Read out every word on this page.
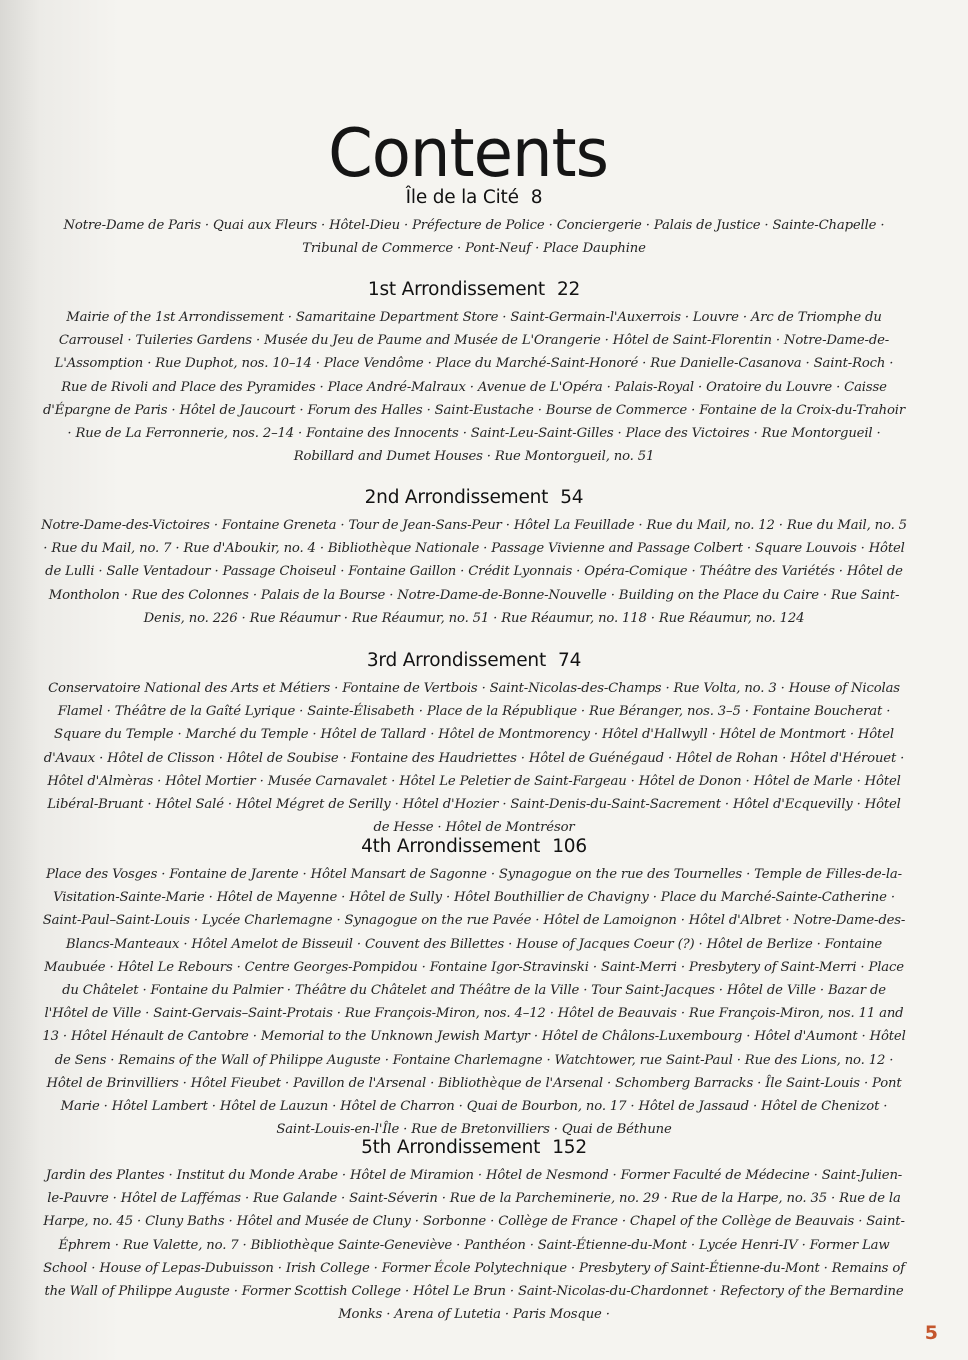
Contents
Île de la Cité 8

Notre-Dame de Paris · Quai aux Fleurs · Hôtel-Dieu · Préfecture de Police · Conciergerie · Palais de Justice · Sainte-Chapelle · Tribunal de Commerce · Pont-Neuf · Place Dauphine

1st Arrondissement 22

Mairie of the 1st Arrondissement · Samaritaine Department Store · Saint-Germain-l'Auxerrois · Louvre · Arc de Triomphe du Carrousel · Tuileries Gardens · Musée du Jeu de Paume and Musée de L'Orangerie · Hôtel de Saint-Florentin · Notre-Dame-de-L'Assomption · Rue Duphot, nos. 10–14 · Place Vendôme · Place du Marché-Saint-Honoré · Rue Danielle-Casanova · Saint-Roch · Rue de Rivoli and Place des Pyramides · Place André-Malraux · Avenue de L'Opéra · Palais-Royal · Oratoire du Louvre · Caisse d'Épargne de Paris · Hôtel de Jaucourt · Forum des Halles · Saint-Eustache · Bourse de Commerce · Fontaine de la Croix-du-Trahoir · Rue de La Ferronnerie, nos. 2–14 · Fontaine des Innocents · Saint-Leu-Saint-Gilles · Place des Victoires · Rue Montorgueil · Robillard and Dumet Houses · Rue Montorgueil, no. 51

2nd Arrondissement 54

Notre-Dame-des-Victoires · Fontaine Greneta · Tour de Jean-Sans-Peur · Hôtel La Feuillade · Rue du Mail, no. 12 · Rue du Mail, no. 5 · Rue du Mail, no. 7 · Rue d'Aboukir, no. 4 · Bibliothèque Nationale · Passage Vivienne and Passage Colbert · Square Louvois · Hôtel de Lulli · Salle Ventadour · Passage Choiseul · Fontaine Gaillon · Crédit Lyonnais · Opéra-Comique · Théâtre des Variétés · Hôtel de Montholon · Rue des Colonnes · Palais de la Bourse · Notre-Dame-de-Bonne-Nouvelle · Building on the Place du Caire · Rue Saint-Denis, no. 226 · Rue Réaumur · Rue Réaumur, no. 51 · Rue Réaumur, no. 118 · Rue Réaumur, no. 124

3rd Arrondissement 74

Conservatoire National des Arts et Métiers · Fontaine de Vertbois · Saint-Nicolas-des-Champs · Rue Volta, no. 3 · House of Nicolas Flamel · Théâtre de la Gaîté Lyrique · Sainte-Élisabeth · Place de la République · Rue Béranger, nos. 3–5 · Fontaine Boucherat · Square du Temple · Marché du Temple · Hôtel de Tallard · Hôtel de Montmorency · Hôtel d'Hallwyll · Hôtel de Montmort · Hôtel d'Avaux · Hôtel de Clisson · Hôtel de Soubise · Fontaine des Haudriettes · Hôtel de Guénégaud · Hôtel de Rohan · Hôtel d'Hérouet · Hôtel d'Almèras · Hôtel Mortier · Musée Carnavalet · Hôtel Le Peletier de Saint-Fargeau · Hôtel de Donon · Hôtel de Marle · Hôtel Libéral-Bruant · Hôtel Salé · Hôtel Mégret de Serilly · Hôtel d'Hozier · Saint-Denis-du-Saint-Sacrement · Hôtel d'Ecquevilly · Hôtel de Hesse · Hôtel de Montrésor

4th Arrondissement 106

Place des Vosges · Fontaine de Jarente · Hôtel Mansart de Sagonne · Synagogue on the rue des Tournelles · Temple de Filles-de-la-Visitation-Sainte-Marie · Hôtel de Mayenne · Hôtel de Sully · Hôtel Bouthillier de Chavigny · Place du Marché-Sainte-Catherine · Saint-Paul–Saint-Louis · Lycée Charlemagne · Synagogue on the rue Pavée · Hôtel de Lamoignon · Hôtel d'Albret · Notre-Dame-des-Blancs-Manteaux · Hôtel Amelot de Bisseuil · Couvent des Billettes · House of Jacques Coeur (?) · Hôtel de Berlize · Fontaine Maubuée · Hôtel Le Rebours · Centre Georges-Pompidou · Fontaine Igor-Stravinski · Saint-Merri · Presbytery of Saint-Merri · Place du Châtelet · Fontaine du Palmier · Théâtre du Châtelet and Théâtre de la Ville · Tour Saint-Jacques · Hôtel de Ville · Bazar de l'Hôtel de Ville · Saint-Gervais–Saint-Protais · Rue François-Miron, nos. 4–12 · Hôtel de Beauvais · Rue François-Miron, nos. 11 and 13 · Hôtel Hénault de Cantobre · Memorial to the Unknown Jewish Martyr · Hôtel de Châlons-Luxembourg · Hôtel d'Aumont · Hôtel de Sens · Remains of the Wall of Philippe Auguste · Fontaine Charlemagne · Watchtower, rue Saint-Paul · Rue des Lions, no. 12 · Hôtel de Brinvilliers · Hôtel Fieubet · Pavillon de l'Arsenal · Bibliothèque de l'Arsenal · Schomberg Barracks · Île Saint-Louis · Pont Marie · Hôtel Lambert · Hôtel de Lauzun · Hôtel de Charron · Quai de Bourbon, no. 17 · Hôtel de Jassaud · Hôtel de Chenizot · Saint-Louis-en-l'Île · Rue de Bretonvilliers · Quai de Béthune

5th Arrondissement 152

Jardin des Plantes · Institut du Monde Arabe · Hôtel de Miramion · Hôtel de Nesmond · Former Faculté de Médecine · Saint-Julien-le-Pauvre · Hôtel de Laffémas · Rue Galande · Saint-Séverin · Rue de la Parcheminerie, no. 29 · Rue de la Harpe, no. 35 · Rue de la Harpe, no. 45 · Cluny Baths · Hôtel and Musée de Cluny · Sorbonne · Collège de France · Chapel of the Collège de Beauvais · Saint-Éphrem · Rue Valette, no. 7 · Bibliothèque Sainte-Geneviève · Panthéon · Saint-Étienne-du-Mont · Lycée Henri-IV · Former Law School · House of Lepas-Dubuisson · Irish College · Former École Polytechnique · Presbytery of Saint-Étienne-du-Mont · Remains of the Wall of Philippe Auguste · Former Scottish College · Hôtel Le Brun · Saint-Nicolas-du-Chardonnet · Refectory of the Bernardine Monks · Arena of Lutetia · Paris Mosque ·

5
